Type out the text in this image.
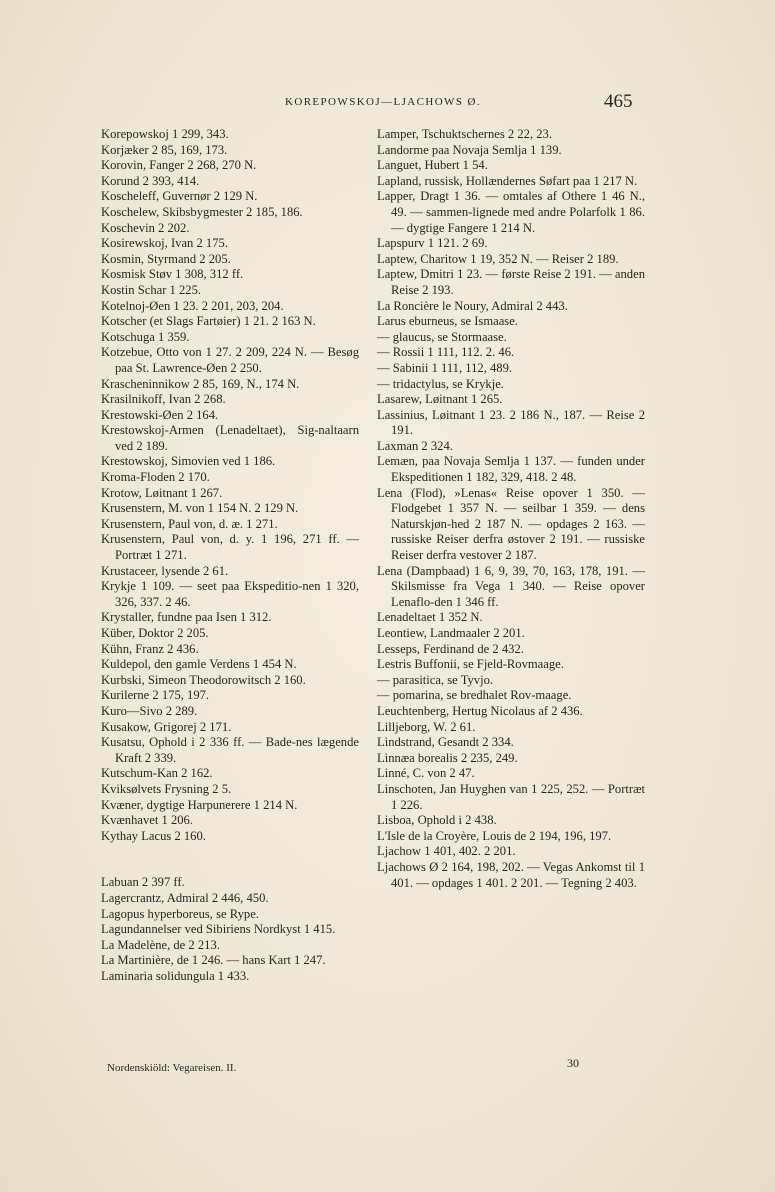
KOREPOWSKOJ—LJACHOWS Ø.	465
Korepowskoj 1 299, 343.
Korjæker 2 85, 169, 173.
Korovin, Fanger 2 268, 270 N.
Korund 2 393, 414.
Koscheleff, Guvernør 2 129 N.
Koschelew, Skibsbygmester 2 185, 186.
Koschevin 2 202.
Kosirewskoj, Ivan 2 175.
Kosmin, Styrmand 2 205.
Kosmisk Støv 1 308, 312 ff.
Kostin Schar 1 225.
Kotelnoj-Øen 1 23. 2 201, 203, 204.
Kotscher (et Slags Fartøier) 1 21. 2 163 N.
Kotschuga 1 359.
Kotzebue, Otto von 1 27. 2 209, 224 N. — Besøg paa St. Lawrence-Øen 2 250.
Krascheninnikow 2 85, 169, N., 174 N.
Krasilnikoff, Ivan 2 268.
Krestowski-Øen 2 164.
Krestowskoj-Armen (Lenadeltaet), Sig-naltaarn ved 2 189.
Krestowskoj, Simovien ved 1 186.
Kroma-Floden 2 170.
Krotow, Løitnant 1 267.
Krusenstern, M. von 1 154 N. 2 129 N.
Krusenstern, Paul von, d. æ. 1 271.
Krusenstern, Paul von, d. y. 1 196, 271 ff. — Portræt 1 271.
Krustaceer, lysende 2 61.
Krykje 1 109. — seet paa Ekspeditio-nen 1 320, 326, 337. 2 46.
Krystaller, fundne paa Isen 1 312.
Küber, Doktor 2 205.
Kühn, Franz 2 436.
Kuldepol, den gamle Verdens 1 454 N.
Kurbski, Simeon Theodorowitsch 2 160.
Kurilerne 2 175, 197.
Kuro—Sivo 2 289.
Kusakow, Grigorej 2 171.
Kusatsu, Ophold i 2 336 ff. — Bade-nes lægende Kraft 2 339.
Kutschum-Kan 2 162.
Kviksølvets Frysning 2 5.
Kvæner, dygtige Harpunerere 1 214 N.
Kvænhavet 1 206.
Kythay Lacus 2 160.
Labuan 2 397 ff.
Lagercrantz, Admiral 2 446, 450.
Lagopus hyperboreus, se Rype.
Lagundannelser ved Sibiriens Nordkyst 1 415.
La Madelène, de 2 213.
La Martinière, de 1 246. — hans Kart 1 247.
Laminaria solidungula 1 433.
Lamper, Tschuktschernes 2 22, 23.
Landorme paa Novaja Semlja 1 139.
Languet, Hubert 1 54.
Lapland, russisk, Hollændernes Søfart paa 1 217 N.
Lapper, Dragt 1 36. — omtales af Othere 1 46 N., 49. — sammen-lignede med andre Polarfolk 1 86. — dygtige Fangere 1 214 N.
Lapspurv 1 121. 2 69.
Laptew, Charitow 1 19, 352 N. — Reiser 2 189.
Laptew, Dmitri 1 23. — første Reise 2 191. — anden Reise 2 193.
La Roncière le Noury, Admiral 2 443.
Larus eburneus, se Ismaase.
— glaucus, se Stormaase.
— Rossii 1 111, 112. 2. 46.
— Sabinii 1 111, 112, 489.
— tridactylus, se Krykje.
Lasarew, Løitnant 1 265.
Lassinius, Løitnant 1 23. 2 186 N., 187. — Reise 2 191.
Laxman 2 324.
Lemæn, paa Novaja Semlja 1 137. — funden under Ekspeditionen 1 182, 329, 418. 2 48.
Lena (Flod), »Lenas« Reise opover 1 350. — Flodgebet 1 357 N. — seilbar 1 359. — dens Naturskjøn-hed 2 187 N. — opdages 2 163. — russiske Reiser derfra østover 2 191. — russiske Reiser derfra vestover 2 187.
Lena (Dampbaad) 1 6, 9, 39, 70, 163, 178, 191. — Skilsmisse fra Vega 1 340. — Reise opover Lenaflo-den 1 346 ff.
Lenadeltaet 1 352 N.
Leontiew, Landmaaler 2 201.
Lesseps, Ferdinand de 2 432.
Lestris Buffonii, se Fjeld-Rovmaage.
— parasitica, se Tyvjo.
— pomarina, se bredhalet Rov-maage.
Leuchtenberg, Hertug Nicolaus af 2 436.
Lilljeborg, W. 2 61.
Lindstrand, Gesandt 2 334.
Linnæa borealis 2 235, 249.
Linné, C. von 2 47.
Linschoten, Jan Huyghen van 1 225, 252. — Portræt 1 226.
Lisboa, Ophold i 2 438.
L'Isle de la Croyère, Louis de 2 194, 196, 197.
Ljachow 1 401, 402. 2 201.
Ljachows Ø 2 164, 198, 202. — Vegas Ankomst til 1 401. — opdages 1 401. 2 201. — Tegning 2 403.
Nordenskiöld: Vegareisen. II.	30
